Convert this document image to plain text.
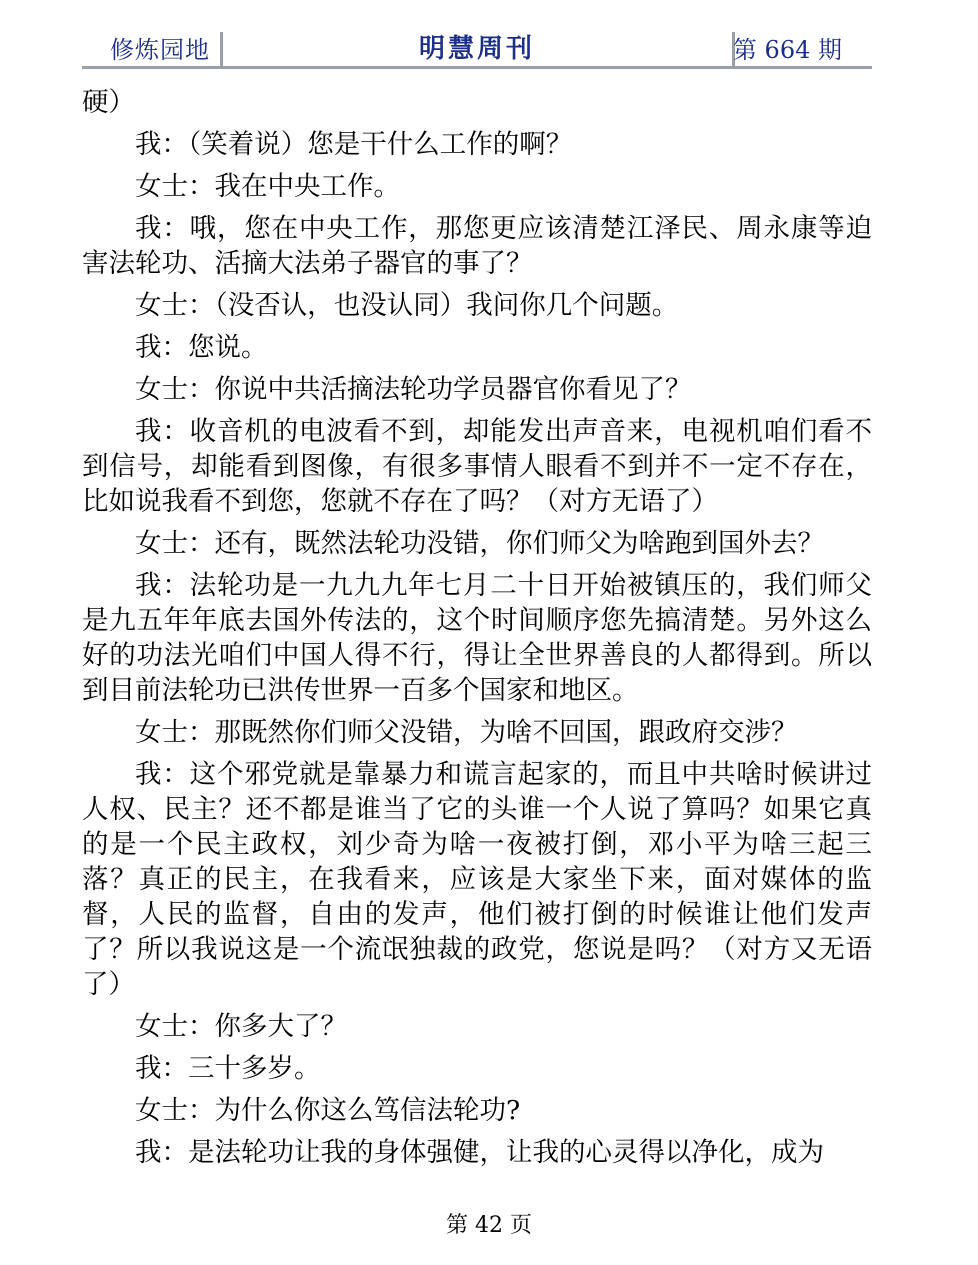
修炼园地	明慧周刊	第 664 期

硬）

我：（笑着说）您是干什么工作的啊？

女士：我在中央工作。

我：哦，您在中央工作，那您更应该清楚江泽民、周永康等迫害法轮功、活摘大法弟子器官的事了？

女士：（没否认，也没认同）我问你几个问题。

我：您说。

女士：你说中共活摘法轮功学员器官你看见了？

我：收音机的电波看不到，却能发出声音来，电视机咱们看不到信号，却能看到图像，有很多事情人眼看不到并不一定不存在，比如说我看不到您，您就不存在了吗？（对方无语了）

女士：还有，既然法轮功没错，你们师父为啥跑到国外去？

我：法轮功是一九九九年七月二十日开始被镇压的，我们师父是九五年年底去国外传法的，这个时间顺序您先搞清楚。另外这么好的功法光咱们中国人得不行，得让全世界善良的人都得到。所以到目前法轮功已洪传世界一百多个国家和地区。

女士：那既然你们师父没错，为啥不回国，跟政府交涉？

我：这个邪党就是靠暴力和谎言起家的，而且中共啥时候讲过人权、民主？还不都是谁当了它的头谁一个人说了算吗？如果它真的是一个民主政权，刘少奇为啥一夜被打倒，邓小平为啥三起三落？真正的民主，在我看来，应该是大家坐下来，面对媒体的监督，人民的监督，自由的发声，他们被打倒的时候谁让他们发声了？所以我说这是一个流氓独裁的政党，您说是吗？（对方又无语了）

女士：你多大了？

我：三十多岁。

女士：为什么你这么笃信法轮功?

我：是法轮功让我的身体强健，让我的心灵得以净化，成为

第 42 页
